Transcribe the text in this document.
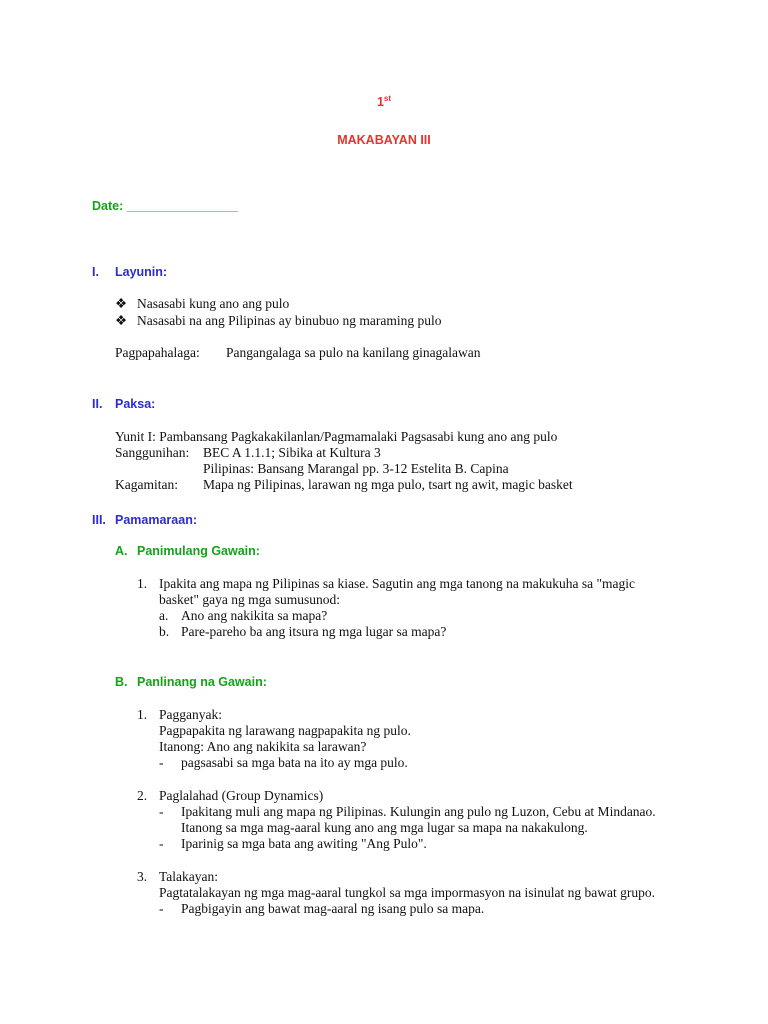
1st
MAKABAYAN III
Date: ________________
I. Layunin:
❖ Nasasabi kung ano ang pulo
❖ Nasasabi na ang Pilipinas ay binubuo ng maraming pulo
Pagpapahalaga: Pangangalaga sa pulo na kanilang ginagalawan
II. Paksa:
Yunit I: Pambansang Pagkakakilanlan/Pagmamalaki Pagsasabi kung ano ang pulo
Sanggunihan: BEC A 1.1.1; Sibika at Kultura 3
Pilipinas: Bansang Marangal pp. 3-12 Estelita B. Capina
Kagamitan: Mapa ng Pilipinas, larawan ng mga pulo, tsart ng awit, magic basket
III. Pamamaraan:
A. Panimulang Gawain:
1. Ipakita ang mapa ng Pilipinas sa kiase. Sagutin ang mga tanong na makukuha sa "magic
basket" gaya ng mga sumusunod:
a. Ano ang nakikita sa mapa?
b. Pare-pareho ba ang itsura ng mga lugar sa mapa?
B. Panlinang na Gawain:
1. Pagganyak:
Pagpapakita ng larawang nagpapakita ng pulo.
Itanong: Ano ang nakikita sa larawan?
- pagsasabi sa mga bata na ito ay mga pulo.
2. Paglalahad (Group Dynamics)
- Ipakitang muli ang mapa ng Pilipinas. Kulungin ang pulo ng Luzon, Cebu at Mindanao.
Itanong sa mga mag-aaral kung ano ang mga lugar sa mapa na nakakulong.
- Iparinig sa mga bata ang awiting "Ang Pulo".
3. Talakayan:
Pagtatalakayan ng mga mag-aaral tungkol sa mga impormasyon na isinulat ng bawat grupo.
- Pagbigayin ang bawat mag-aaral ng isang pulo sa mapa.
